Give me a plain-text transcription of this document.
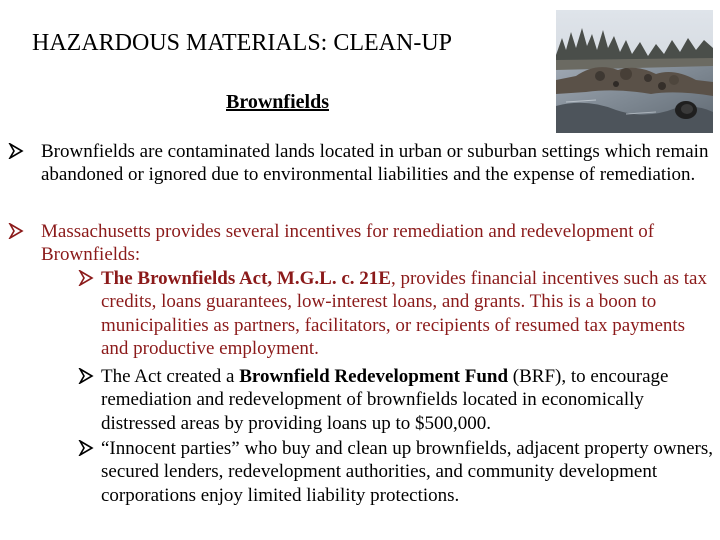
HAZARDOUS MATERIALS: CLEAN-UP
Brownfields
Brownfields are contaminated lands located in urban or suburban settings which remain abandoned or ignored due to environmental liabilities and the expense of remediation.
Massachusetts provides several incentives for remediation and redevelopment of Brownfields:
The Brownfields Act, M.G.L. c. 21E, provides financial incentives such as tax credits, loans guarantees, low-interest loans, and grants. This is a boon to municipalities as partners, facilitators, or recipients of resumed tax payments and productive employment.
The Act created a Brownfield Redevelopment Fund (BRF), to encourage remediation and redevelopment of brownfields located in economically distressed areas by providing loans up to $500,000.
“Innocent parties” who buy and clean up brownfields, adjacent property owners, secured lenders, redevelopment authorities, and community development corporations enjoy limited liability protections.
